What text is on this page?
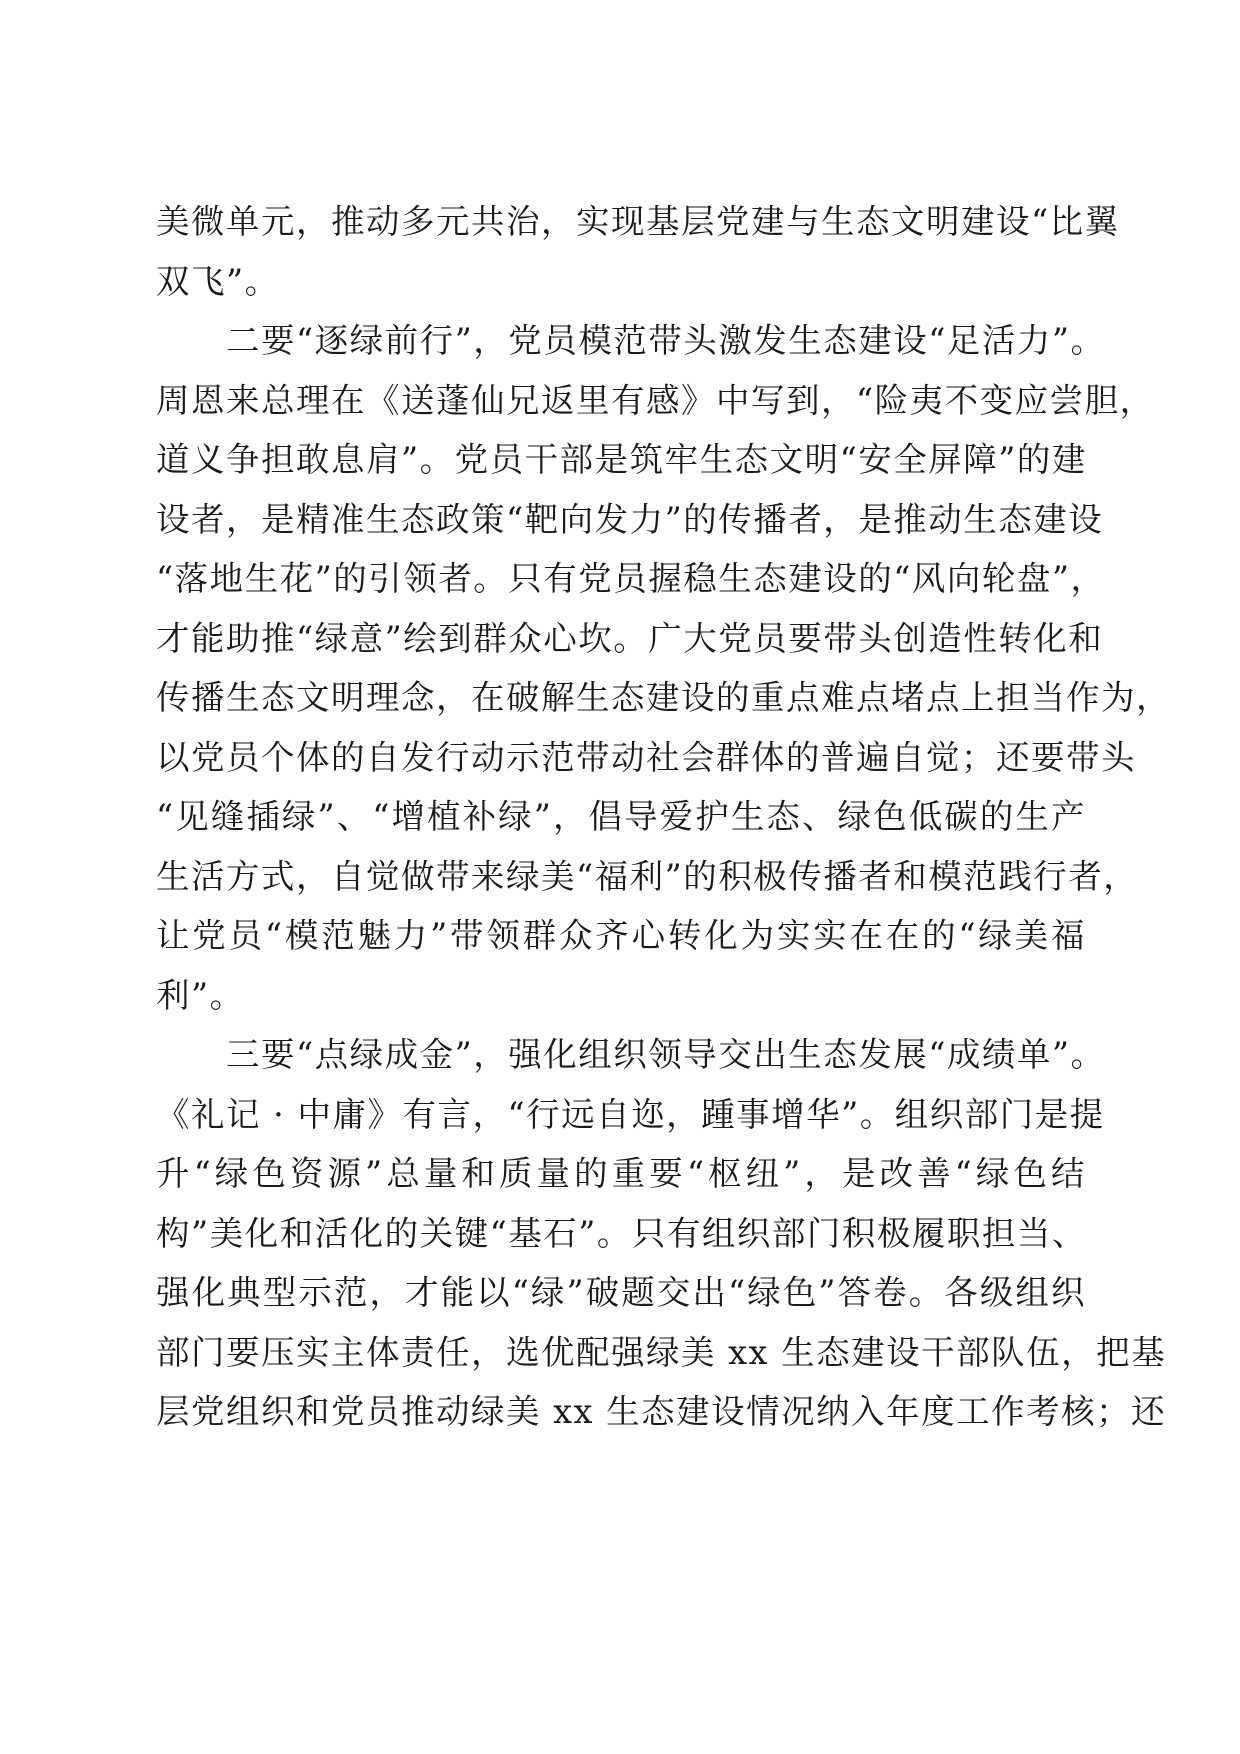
美微单元，推动多元共治，实现基层党建与生态文明建设“比翼
双飞”。
二要“逐绿前行”，党员模范带头激发生态建设“足活力”。
周恩来总理在《送蓬仙兄返里有感》中写到，“险夷不变应尝胆，
道义争担敢息肩”。党员干部是筑牢生态文明“安全屏障”的建
设者，是精准生态政策“靶向发力”的传播者，是推动生态建设
“落地生花”的引领者。只有党员握稳生态建设的“风向轮盘”，
才能助推“绿意”绘到群众心坎。广大党员要带头创造性转化和
传播生态文明理念，在破解生态建设的重点难点堵点上担当作为，
以党员个体的自发行动示范带动社会群体的普遍自觉；还要带头
“见缝插绿”、“增植补绿”，倡导爱护生态、绿色低碳的生产
生活方式，自觉做带来绿美“福利”的积极传播者和模范践行者，
让党员“模范魅力”带领群众齐心转化为实实在在的“绿美福
利”。
三要“点绿成金”，强化组织领导交出生态发展“成绩单”。
《礼记 · 中庸》有言，“行远自迩，踵事增华”。组织部门是提
升“绿色资源”总量和质量的重要“枢纽”，是改善“绿色结
构”美化和活化的关键“基石”。只有组织部门积极履职担当、
强化典型示范，才能以“绿”破题交出“绿色”答卷。各级组织
部门要压实主体责任，选优配强绿美 xx 生态建设干部队伍，把基
层党组织和党员推动绿美 xx 生态建设情况纳入年度工作考核；还
